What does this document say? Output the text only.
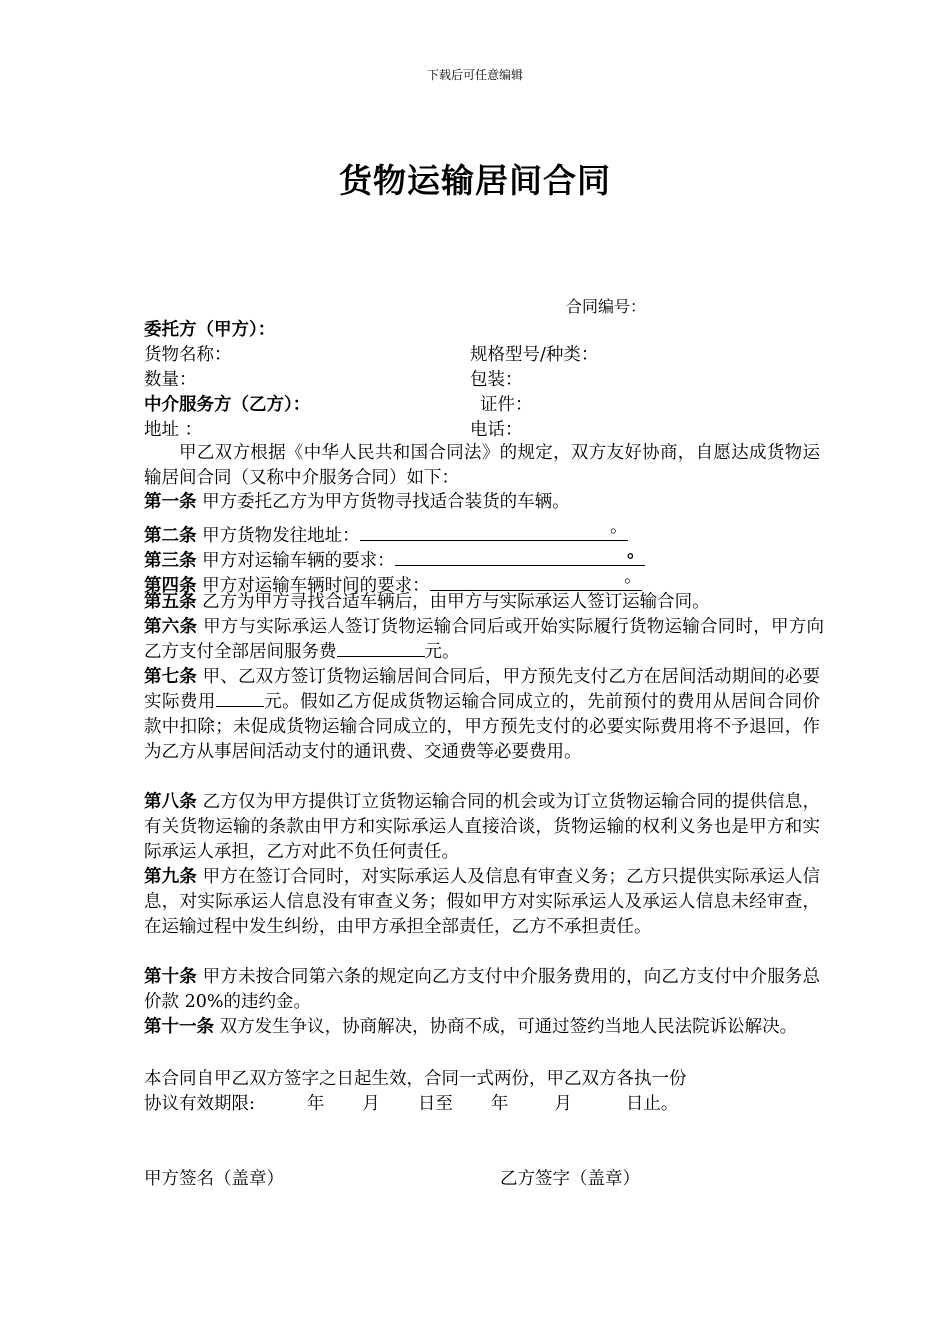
下载后可任意编辑
货物运输居间合同
合同编号：
委托方（甲方）：
货物名称：	规格型号/种类：
数量：	包装：
中介服务方（乙方）：	证件：
地址 ：	电话：
甲乙双方根据《中华人民共和国合同法》的规定，双方友好协商，自愿达成货物运输居间合同（又称中介服务合同）如下：
第一条 甲方委托乙方为甲方货物寻找适合装货的车辆。
第二条 甲方货物发往地址：	。
第三条 甲方对运输车辆的要求：	。
第四条 甲方对运输车辆时间的要求：	。
第五条 乙方为甲方寻找合适车辆后，由甲方与实际承运人签订运输合同。
第六条 甲方与实际承运人签订货物运输合同后或开始实际履行货物运输合同时，甲方向乙方支付全部居间服务费	元。
第七条 甲、乙双方签订货物运输居间合同后，甲方预先支付乙方在居间活动期间的必要实际费用	元。假如乙方促成货物运输合同成立的，先前预付的费用从居间合同价款中扣除；未促成货物运输合同成立的，甲方预先支付的必要实际费用将不予退回，作为乙方从事居间活动支付的通讯费、交通费等必要费用。
第八条 乙方仅为甲方提供订立货物运输合同的机会或为订立货物运输合同的提供信息，有关货物运输的条款由甲方和实际承运人直接洽谈，货物运输的权利义务也是甲方和实际承运人承担，乙方对此不负任何责任。
第九条 甲方在签订合同时，对实际承运人及信息有审查义务；乙方只提供实际承运人信息，对实际承运人信息没有审查义务；假如甲方对实际承运人及承运人信息未经审查，在运输过程中发生纠纷，由甲方承担全部责任，乙方不承担责任。
第十条 甲方未按合同第六条的规定向乙方支付中介服务费用的，向乙方支付中介服务总价款 20%的违约金。
第十一条 双方发生争议，协商解决，协商不成，可通过签约当地人民法院诉讼解决。
本合同自甲乙双方签字之日起生效，合同一式两份，甲乙双方各执一份
协议有效期限:	年 月 日至 年	月	日止。
甲方签名（盖章）	乙方签字（盖章）
